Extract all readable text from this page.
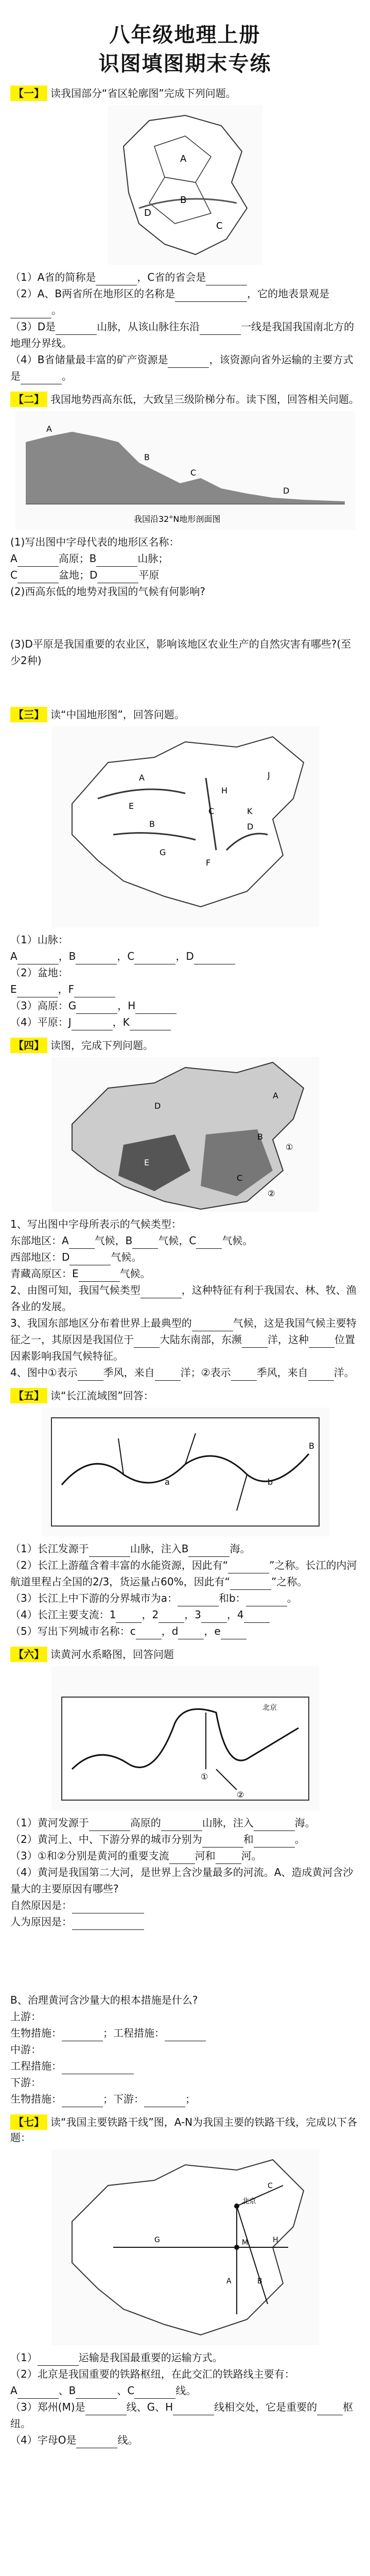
八年级地理上册
识图填图期末专练
【一】 读我国部分“省区轮廓图”完成下列问题。
A
B
C
D

（1）A省的简称是	，C省的省会是

（2）A、B两省所在地形区的名称是	，它的地表景观是。

（3）D是	山脉，从该山脉往东沿	一线是我国我国南北方的地理分界线。

（4）B省储量最丰富的矿产资源是	，该资源向省外运输的主要方式是	。

【二】 我国地势西高东低，大致呈三级阶梯分布。读下图，回答相关问题。
A
B
C
D
我国沿32°N地形剖面图

(1)写出图中字母代表的地形区名称：

A	高原；B	山脉；

C	盆地；D	平原

(2)西高东低的地势对我国的气候有何影响?

(3)D平原是我国重要的农业区，影响该地区农业生产的自然灾害有哪些?(至少2种)

【三】 读“中国地形图”，回答问题。
A
B
C
D
E
F
G
H
J
K

（1）山脉：

A	，B	，C	，D

（2）盆地：

E	，F

（3）高原：G	，H

（4）平原：J	，K

【四】 读图，完成下列问题。
A
B
C
D
E
①
②

1、写出图中字母所表示的气候类型：

东部地区：A	气候，B	气候，C	气候。

西部地区：D	气候。

青藏高原区：E	气候。

2、由图可知，我国气候类型	，这种特征有利于我国农、林、牧、渔各业的发展。

3、我国东部地区分布着世界上最典型的	气候，这是我国气候主要特征之一，其原因是我国位于	大陆东南部，东濒	洋，这种	位置因素影响我国气候特征。

4、图中①表示	季风，来自	洋；②表示	季风，来自	洋。

【五】 读“长江流域图”回答：
B
a	b

（1）长江发源于	山脉，注入B	海。

（2）长江上游蕴含着丰富的水能资源，因此有“	”之称。长江的内河航道里程占全国的2/3，货运量占60%，因此有“	”之称。

（3）长江上中下游的分界城市为a：	和b：	。

（4）长江主要支流：1	，2	，3	，4

（5）写出下列城市名称：c	，d	，e

【六】 读黄河水系略图，回答问题
北京
①
②

（1）黄河发源于	高原的	山脉，注入	海。

（2）黄河上、中、下游分界的城市分别为	和	。

（3）①和②分别是黄河的重要支流	河和	河。

（4）黄河是我国第二大河，是世界上含沙量最多的河流。A、造成黄河含沙量大的主要原因有哪些?

自然原因是：

人为原因是：

B、治理黄河含沙量大的根本措施是什么?

上游：

生物措施：	；工程措施：

中游：

工程措施：

下游：

生物措施：	；下游：	；

【七】 读“我国主要铁路干线”图，A-N为我国主要的铁路干线，完成以下各题：
北京
M
A	B
C
G	H

（1）	运输是我国最重要的运输方式。

（2）北京是我国重要的铁路枢纽，在此交汇的铁路线主要有：

A	、B	、C	线。

（3）郑州(M)是	线、G、H	线相交处，它是重要的	枢纽。

（4）字母O是	线。
